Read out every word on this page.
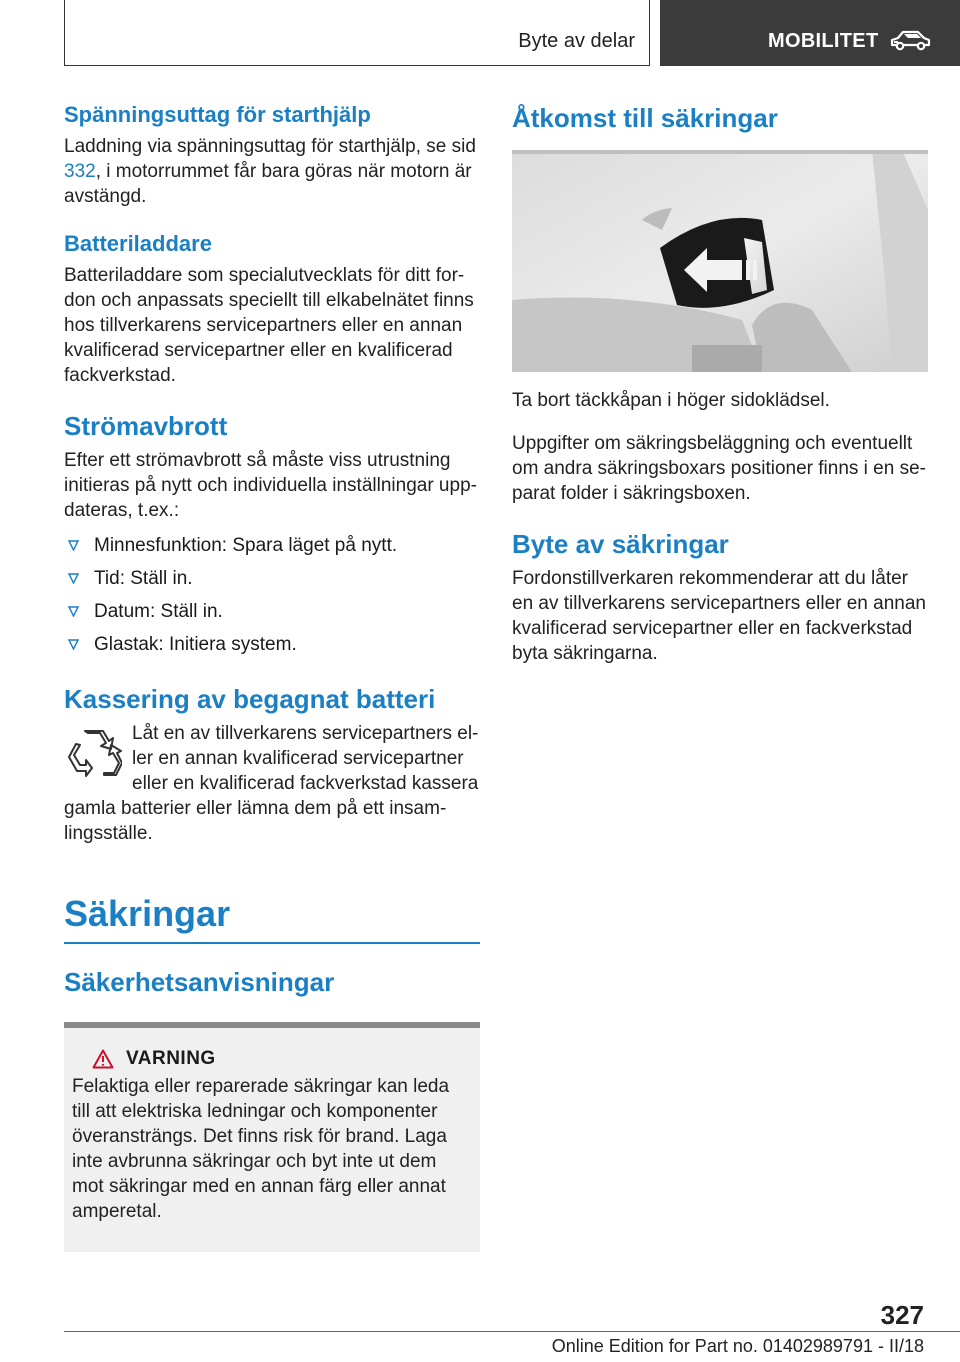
Byte av delar	MOBILITET
Spänningsuttag för starthjälp

Laddning via spänningsuttag för starthjälp, se sid 332, i motorrummet får bara göras när motorn är avstängd.

Batteriladdare

Batteriladdare som specialutvecklats för ditt fordon och anpassats speciellt till elkabelnätet finns hos tillverkarens servicepartners eller en annan kvalificerad servicepartner eller en kvalificerad fackverkstad.

Strömavbrott

Efter ett strömavbrott så måste viss utrustning initieras på nytt och individuella inställningar uppdateras, t.ex.:

Minnesfunktion: Spara läget på nytt.
Tid: Ställ in.
Datum: Ställ in.
Glastak: Initiera system.
Kassering av begagnat batteri

Låt en av tillverkarens servicepartners eller en annan kvalificerad servicepartner eller en kvalificerad fackverkstad kassera gamla batterier eller lämna dem på ett insamlingsställe.

Säkringar
Säkerhetsanvisningar
VARNING

Felaktiga eller reparerade säkringar kan leda till att elektriska ledningar och komponenter överansträngs. Det finns risk för brand. Laga inte avbrunna säkringar och byt inte ut dem mot säkringar med en annan färg eller annat amperetal.

Åtkomst till säkringar

Ta bort täckkåpan i höger sidoklädsel.

Uppgifter om säkringsbeläggning och eventuellt om andra säkringsboxars positioner finns i en separat folder i säkringsboxen.

Byte av säkringar

Fordonstillverkaren rekommenderar att du låter en av tillverkarens servicepartners eller en annan kvalificerad servicepartner eller en fackverkstad byta säkringarna.

327
Online Edition for Part no. 01402989791 - II/18
